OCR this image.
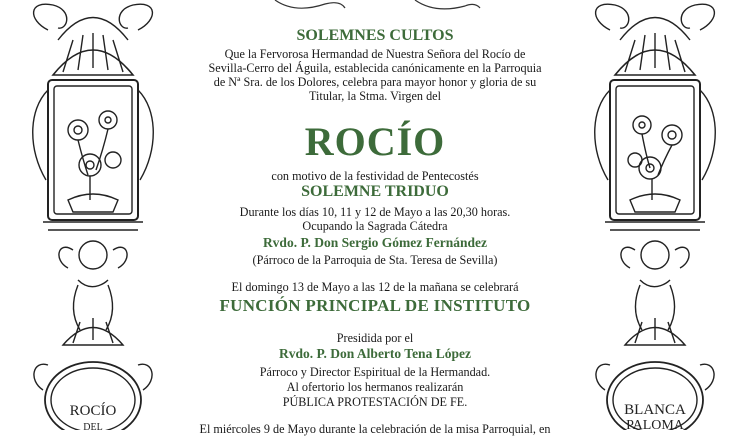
ROCÍO
DEL
BLANCA
PALOMA
SOLEMNES CULTOS
Que la Fervorosa Hermandad de Nuestra Señora del Rocío de
Sevilla-Cerro del Águila, establecida canónicamente en la Parroquia
de Nª Sra. de los Dolores, celebra para mayor honor y gloria de su
Titular, la Stma. Virgen del
ROCÍO
con motivo de la festividad de Pentecostés
SOLEMNE TRIDUO
Durante los días 10, 11 y 12 de Mayo a las 20,30 horas.
Ocupando la Sagrada Cátedra
Rvdo. P. Don Sergio Gómez Fernández
(Párroco de la Parroquia de Sta. Teresa de Sevilla)
El domingo 13 de Mayo a las 12 de la mañana se celebrará
FUNCIÓN PRINCIPAL DE INSTITUTO
Presidida por el
Rvdo. P. Don Alberto Tena López
Párroco y Director Espiritual de la Hermandad.
Al ofertorio los hermanos realizarán
PÚBLICA PROTESTACIÓN DE FE.
El miércoles 9 de Mayo durante la celebración de la misa Parroquial, en
